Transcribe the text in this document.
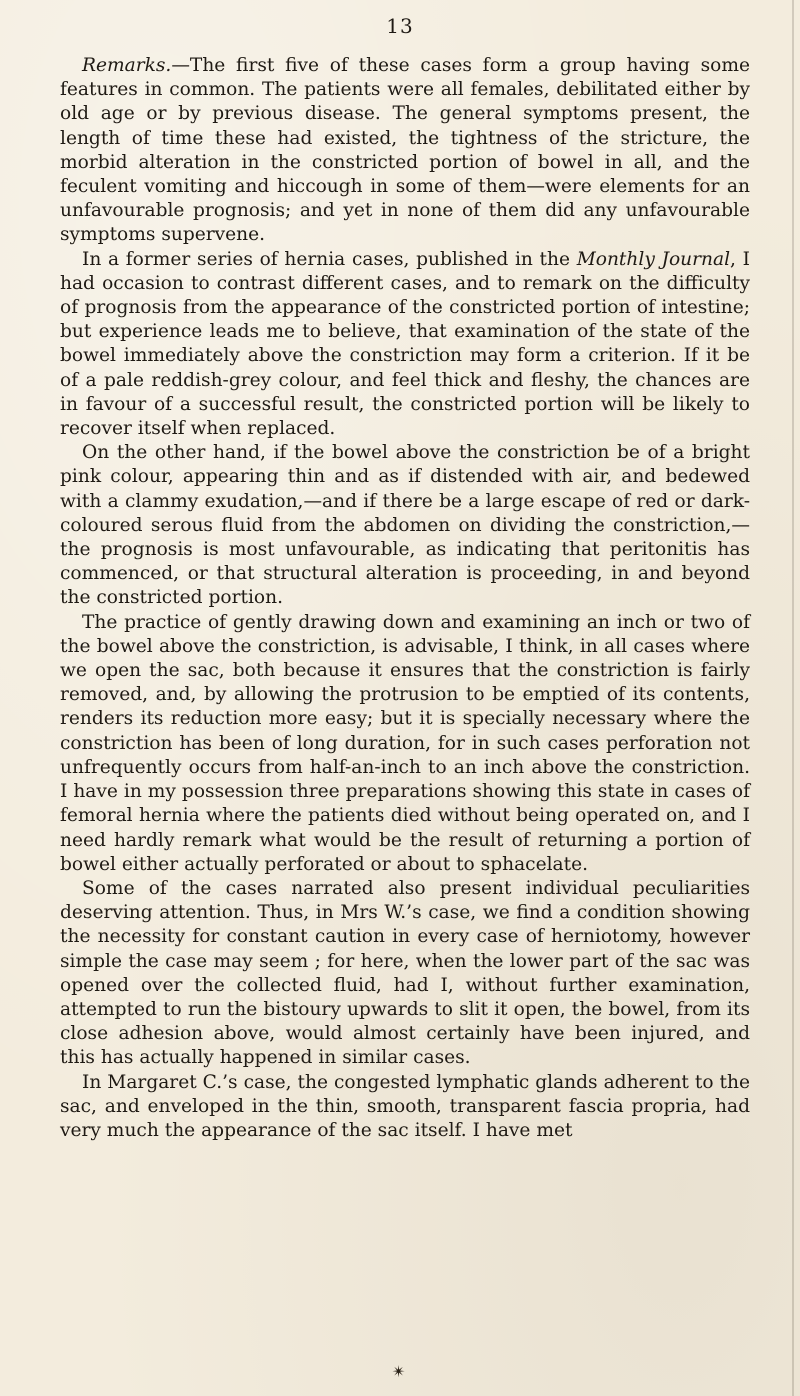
13

Remarks.—The first five of these cases form a group having some features in common. The patients were all females, debilitated either by old age or by previous disease. The general symptoms present, the length of time these had existed, the tightness of the stricture, the morbid alteration in the constricted portion of bowel in all, and the feculent vomiting and hiccough in some of them—were elements for an unfavourable prognosis; and yet in none of them did any unfavourable symptoms supervene.

In a former series of hernia cases, published in the Monthly Journal, I had occasion to contrast different cases, and to remark on the difficulty of prognosis from the appearance of the constricted portion of intestine; but experience leads me to believe, that examination of the state of the bowel immediately above the constriction may form a criterion. If it be of a pale reddish-grey colour, and feel thick and fleshy, the chances are in favour of a successful result, the constricted portion will be likely to recover itself when replaced.

On the other hand, if the bowel above the constriction be of a bright pink colour, appearing thin and as if distended with air, and bedewed with a clammy exudation,—and if there be a large escape of red or dark-coloured serous fluid from the abdomen on dividing the constriction,—the prognosis is most unfavourable, as indicating that peritonitis has commenced, or that structural alteration is proceeding, in and beyond the constricted portion.

The practice of gently drawing down and examining an inch or two of the bowel above the constriction, is advisable, I think, in all cases where we open the sac, both because it ensures that the constriction is fairly removed, and, by allowing the protrusion to be emptied of its contents, renders its reduction more easy; but it is specially necessary where the constriction has been of long duration, for in such cases perforation not unfrequently occurs from half-an-inch to an inch above the constriction. I have in my possession three preparations showing this state in cases of femoral hernia where the patients died without being operated on, and I need hardly remark what would be the result of returning a portion of bowel either actually perforated or about to sphacelate.

Some of the cases narrated also present individual peculiarities deserving attention. Thus, in Mrs W.’s case, we find a condition showing the necessity for constant caution in every case of herniotomy, however simple the case may seem ; for here, when the lower part of the sac was opened over the collected fluid, had I, without further examination, attempted to run the bistoury upwards to slit it open, the bowel, from its close adhesion above, would almost certainly have been injured, and this has actually happened in similar cases.

In Margaret C.’s case, the congested lymphatic glands adherent to the sac, and enveloped in the thin, smooth, transparent fascia propria, had very much the appearance of the sac itself. I have met

✴
